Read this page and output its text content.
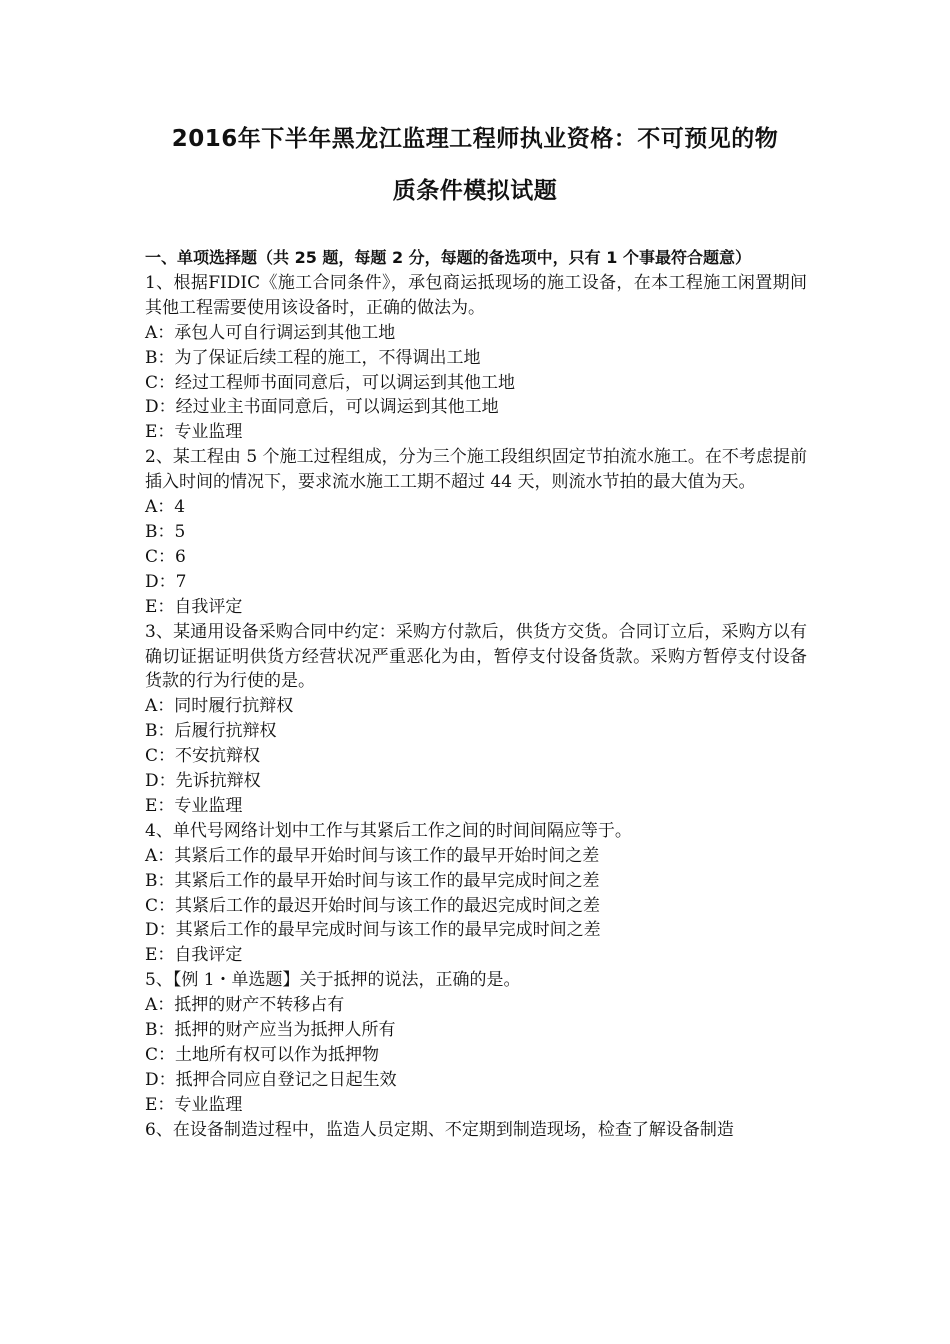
2016年下半年黑龙江监理工程师执业资格：不可预见的物
质条件模拟试题

一、单项选择题（共 25 题，每题 2 分，每题的备选项中，只有 1 个事最符合题意）

1、根据FIDIC《施工合同条件》，承包商运抵现场的施工设备，在本工程施工闲置期间其他工程需要使用该设备时，正确的做法为。

A：承包人可自行调运到其他工地

B：为了保证后续工程的施工，不得调出工地

C：经过工程师书面同意后，可以调运到其他工地

D：经过业主书面同意后，可以调运到其他工地

E：专业监理

2、某工程由 5 个施工过程组成，分为三个施工段组织固定节拍流水施工。在不考虑提前插入时间的情况下，要求流水施工工期不超过 44 天，则流水节拍的最大值为天。

A：4

B：5

C：6

D：7

E：自我评定

3、某通用设备采购合同中约定：采购方付款后，供货方交货。合同订立后，采购方以有确切证据证明供货方经营状况严重恶化为由，暂停支付设备货款。采购方暂停支付设备货款的行为行使的是。

A：同时履行抗辩权

B：后履行抗辩权

C：不安抗辩权

D：先诉抗辩权

E：专业监理

4、单代号网络计划中工作与其紧后工作之间的时间间隔应等于。

A：其紧后工作的最早开始时间与该工作的最早开始时间之差

B：其紧后工作的最早开始时间与该工作的最早完成时间之差

C：其紧后工作的最迟开始时间与该工作的最迟完成时间之差

D：其紧后工作的最早完成时间与该工作的最早完成时间之差

E：自我评定

5、【例 1・单选题】关于抵押的说法，正确的是。

A：抵押的财产不转移占有

B：抵押的财产应当为抵押人所有

C：土地所有权可以作为抵押物

D：抵押合同应自登记之日起生效

E：专业监理

6、在设备制造过程中，监造人员定期、不定期到制造现场，检查了解设备制造
